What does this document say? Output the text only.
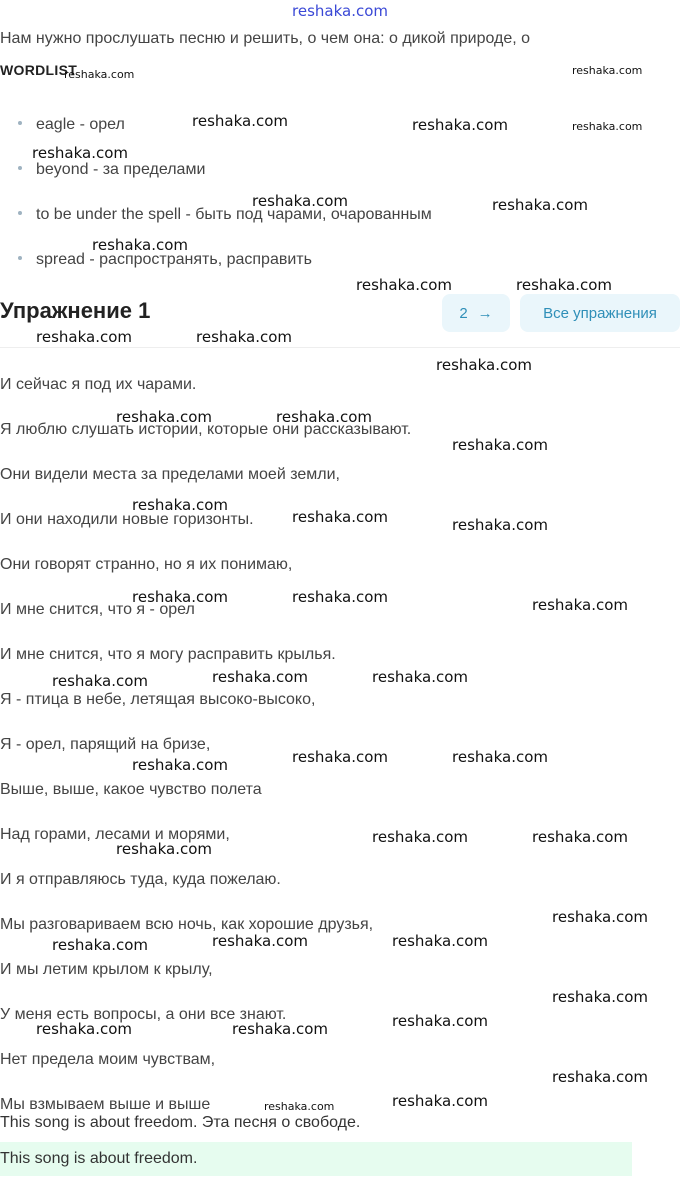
reshaka.com
Нам нужно прослушать песню и решить, о чем она: о дикой природе, о
WORDLIST
eagle - орел
beyond - за пределами
to be under the spell - быть под чарами, очарованным
spread - распространять, расправить
Упражнение 1	2 →	Все упражнения
И сейчас я под их чарами.
Я люблю слушать истории, которые они рассказывают.
Они видели места за пределами моей земли,
И они находили новые горизонты.
Они говорят странно, но я их понимаю,
И мне снится, что я - орел
И мне снится, что я могу расправить крылья.
Я - птица в небе, летящая высоко-высоко,
Я - орел, парящий на бризе,
Выше, выше, какое чувство полета
Над горами, лесами и морями,
И я отправляюсь туда, куда пожелаю.
Мы разговариваем всю ночь, как хорошие друзья,
И мы летим крылом к крылу,
У меня есть вопросы, а они все знают.
Нет предела моим чувствам,
Мы взмываем выше и выше
This song is about freedom. Эта песня о свободе.
This song is about freedom.
reshaka.com	reshaka.com
reshaka.com	reshaka.com	reshaka.com
reshaka.com
reshaka.com	reshaka.com
reshaka.com
reshaka.com	reshaka.com
reshaka.com	reshaka.com
reshaka.com
reshaka.com	reshaka.com
reshaka.com
reshaka.com
reshaka.com	reshaka.com
reshaka.com	reshaka.com	reshaka.com
reshaka.com	reshaka.com
reshaka.com
reshaka.com	reshaka.com
reshaka.com
reshaka.com	reshaka.com
reshaka.com
reshaka.com
reshaka.com	reshaka.com
reshaka.com
reshaka.com
reshaka.com
reshaka.com	reshaka.com
reshaka.com
reshaka.com
reshaka.com
